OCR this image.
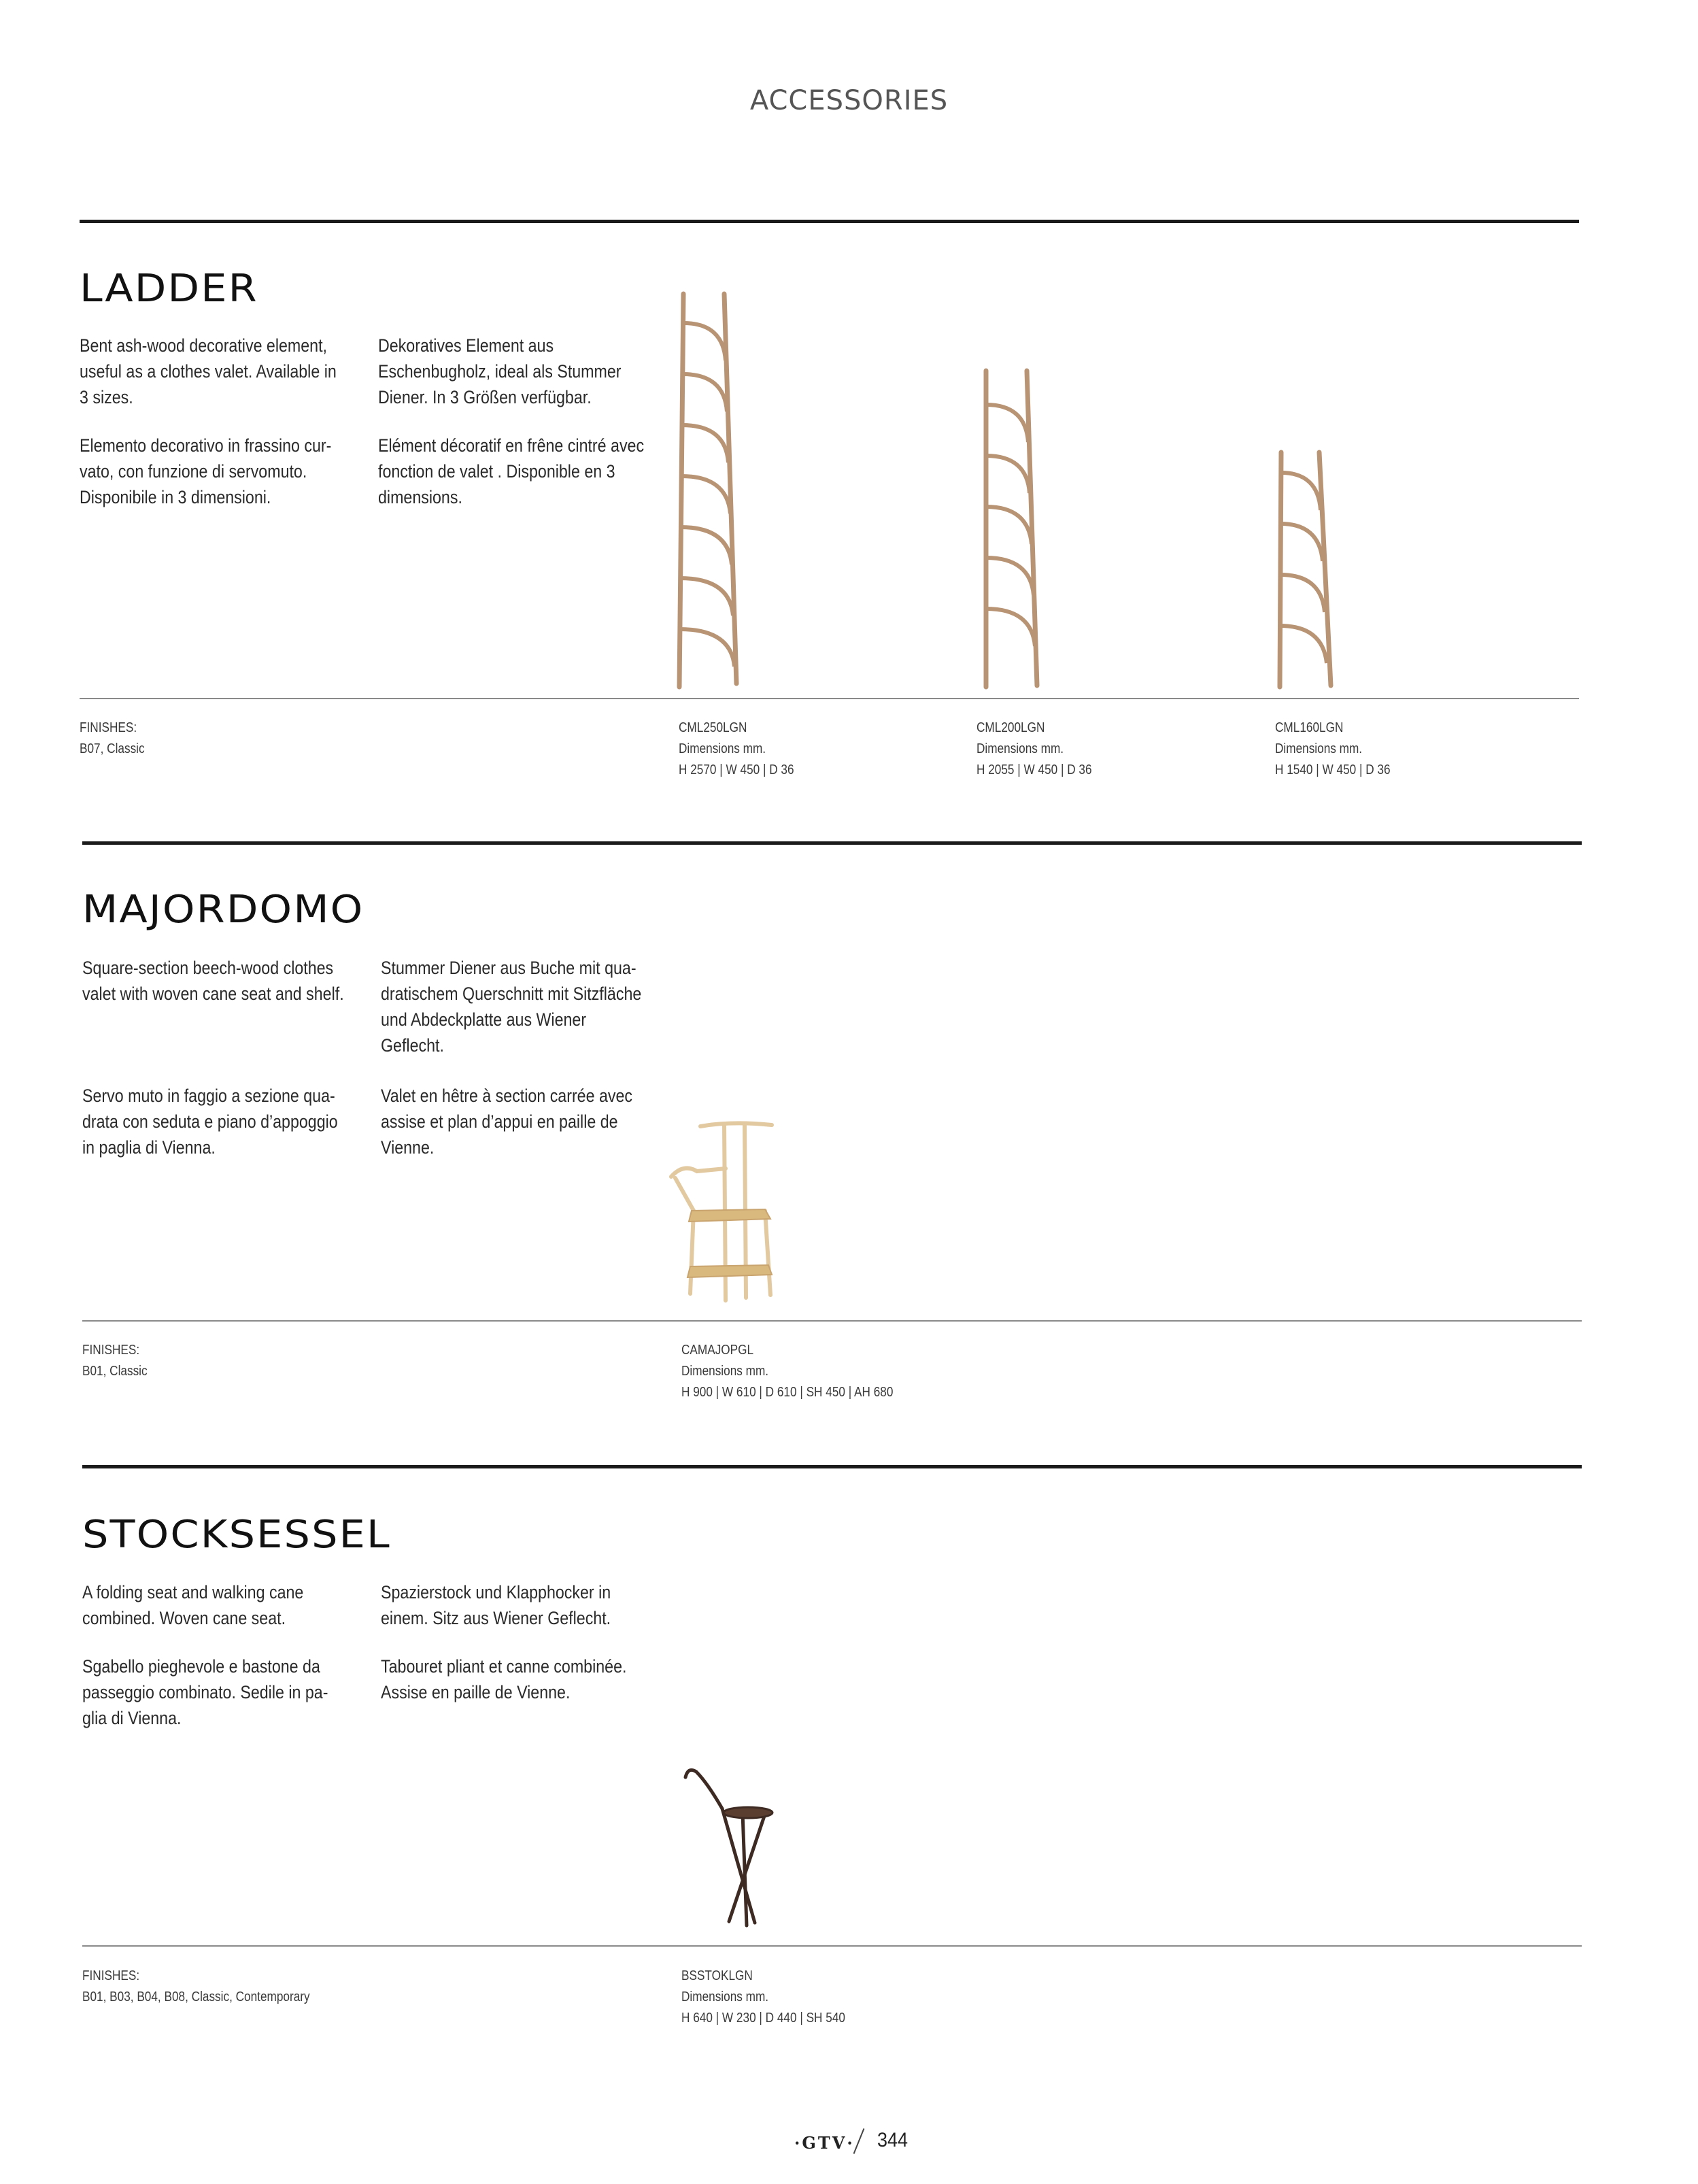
ACCESSORIES
LADDER
Bent ash-wood decorative element, useful as a clothes valet. Available in 3 sizes.
Dekoratives Element aus Eschenbugholz, ideal als Stummer Diener. In 3 Größen verfügbar.
Elemento decorativo in frassino cur-vato, con funzione di servomuto. Disponibile in 3 dimensioni.
Elément décoratif en frêne cintré avec fonction de valet . Disponible en 3 dimensions.
FINISHES:
B07, Classic
CML250LGN
Dimensions mm.
H 2570 | W 450 | D 36
CML200LGN
Dimensions mm.
H 2055 | W 450 | D 36
CML160LGN
Dimensions mm.
H 1540 | W 450 | D 36
MAJORDOMO
Square-section beech-wood clothes valet with woven cane seat and shelf.
Stummer Diener aus Buche mit qua-dratischem Querschnitt mit Sitzfläche und Abdeckplatte aus Wiener Geflecht.
Servo muto in faggio a sezione qua-drata con seduta e piano d’appoggio in paglia di Vienna.
Valet en hêtre à section carrée avec assise et plan d’appui en paille de Vienne.
FINISHES:
B01, Classic
CAMAJOPGL
Dimensions mm.
H 900 | W 610 | D 610 | SH 450 | AH 680
STOCKSESSEL
A folding seat and walking cane combined. Woven cane seat.
Spazierstock und Klapphocker in einem. Sitz aus Wiener Geflecht.
Sgabello pieghevole e bastone da passeggio combinato. Sedile in pa-glia di Vienna.
Tabouret pliant et canne combinée. Assise en paille de Vienne.
FINISHES:
B01, B03, B04, B08, Classic, Contemporary
BSSTOKLGN
Dimensions mm.
H 640 | W 230 | D 440 | SH 540
·GTV· 344
